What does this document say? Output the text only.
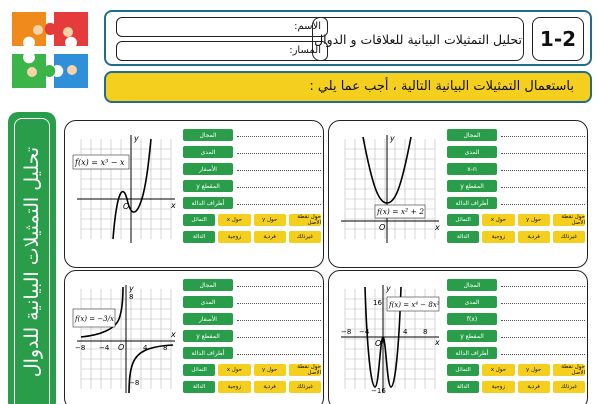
1-2
تحليل التمثيلات البيانية للعلاقات و الدوال
الاسم:
المسار:
باستعمال التمثيلات البيانية التالية ، أجب عما يلي :
تحليل التمثيلات البيانية للدوال	f(x) = x³ − x
x
y
O
المجال
المدى
الأصفار
المقطع y
أطراف الدالة
التماثل	حول x	حول y	حول نقطة الأصل
الدالة	زوجية	فردية	غيرذلك
f(x) = x² + 2
x
y
O
المجال
المدى
x-n
المقطع y
أطراف الدالة
التماثل	حول x	حول y	حول نقطة الأصل
الدالة	زوجية	فردية	غيرذلك
f(x) = −3/x
−8 −4	4 8
8
−8
x
y
O
المجال
المدى
الأصفار
المقطع y
أطراف الدالة
التماثل	حول x	حول y	حول نقطة الأصل
الدالة	زوجية	فردية	غيرذلك
f(x) = x⁴ − 8x²
−8 −4	4 8
16
−16
x
y
O
المجال
المدى
f(x)
المقطع y
أطراف الدالة
التماثل	حول x	حول y	حول نقطة الأصل
الدالة	زوجية	فردية	غيرذلك
